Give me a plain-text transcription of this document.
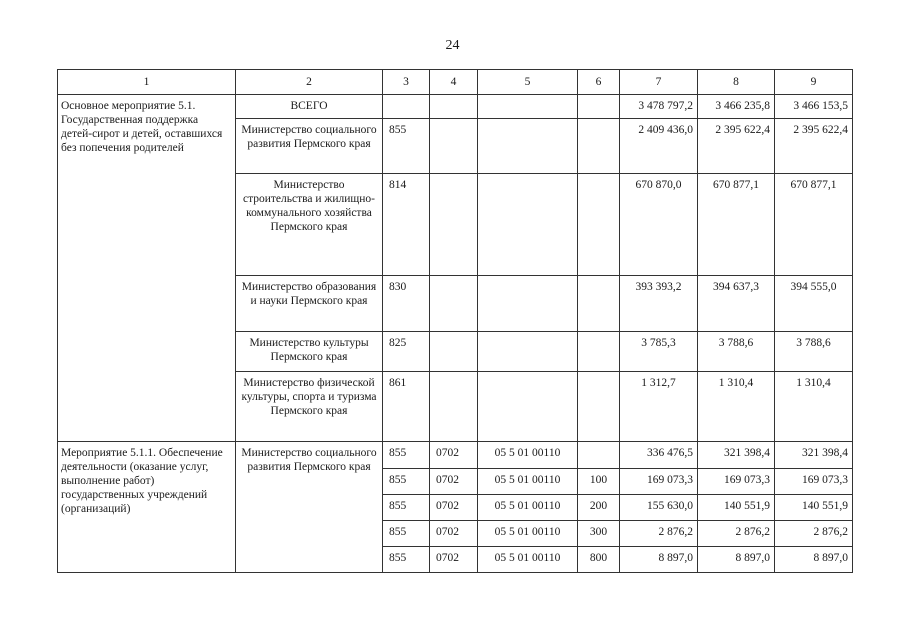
24
1	2	3	4	5	6	7	8	9
Основное мероприятие 5.1. Государственная поддержка детей-сирот и детей, оставшихся без попечения родителей	ВСЕГО					3 478 797,2	3 466 235,8	3 466 153,5
	Министерство социального развития Пермского края	855				2 409 436,0	2 395 622,4	2 395 622,4
	Министерство строительства и жилищно-коммунального хозяйства Пермского края	814				670 870,0	670 877,1	670 877,1
	Министерство образования и науки Пермского края	830				393 393,2	394 637,3	394 555,0
	Министерство культуры Пермского края	825				3 785,3	3 788,6	3 788,6
	Министерство физической культуры, спорта и туризма Пермского края	861				1 312,7	1 310,4	1 310,4
Мероприятие 5.1.1. Обеспечение деятельности (оказание услуг, выполнение работ) государственных учреждений (организаций)	Министерство социального развития Пермского края	855	0702	05 5 01 00110		336 476,5	321 398,4	321 398,4
		855	0702	05 5 01 00110	100	169 073,3	169 073,3	169 073,3
		855	0702	05 5 01 00110	200	155 630,0	140 551,9	140 551,9
		855	0702	05 5 01 00110	300	2 876,2	2 876,2	2 876,2
		855	0702	05 5 01 00110	800	8 897,0	8 897,0	8 897,0
